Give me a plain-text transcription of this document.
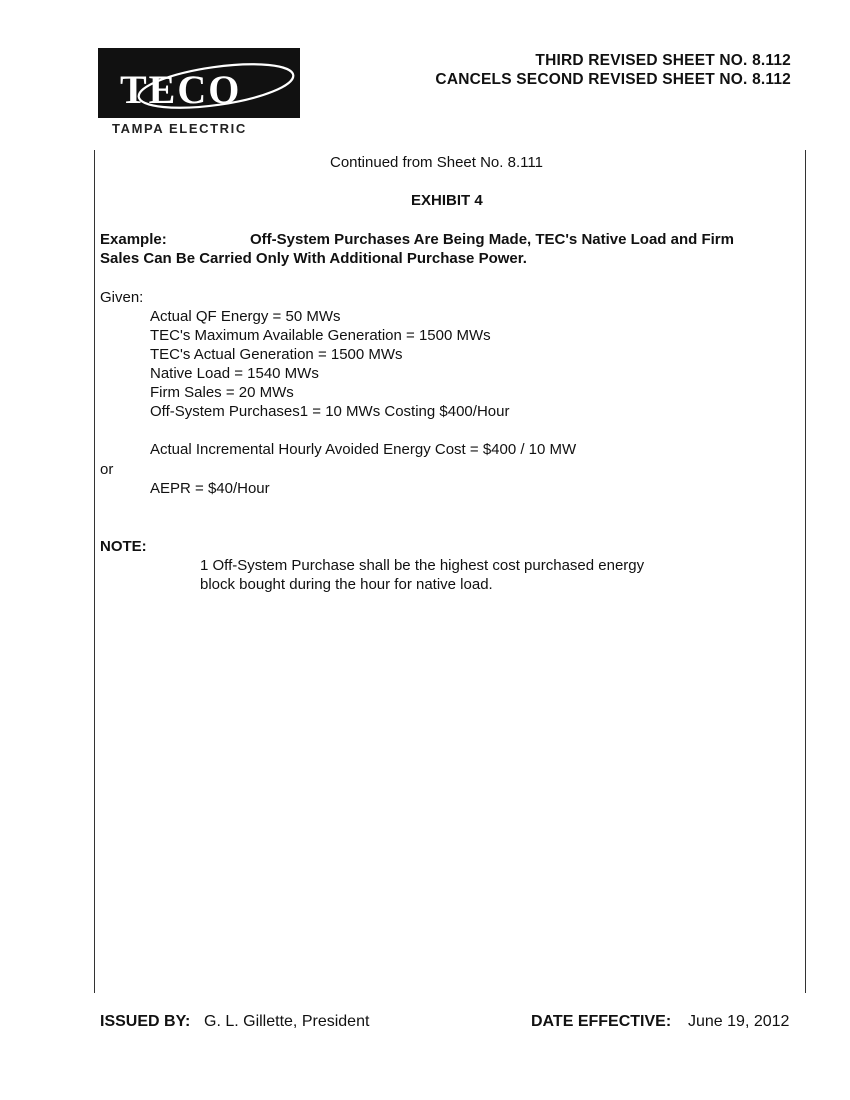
TECO
TAMPA ELECTRIC
THIRD REVISED SHEET NO. 8.112
CANCELS SECOND REVISED SHEET NO. 8.112
Continued from Sheet No. 8.111
EXHIBIT 4
Example:	Off-System Purchases Are Being Made, TEC's Native Load and Firm
Sales Can Be Carried Only With Additional Purchase Power.
Given:
Actual QF Energy = 50 MWs
TEC's Maximum Available Generation = 1500 MWs
TEC's Actual Generation = 1500 MWs
Native Load = 1540 MWs
Firm Sales = 20 MWs
Off-System Purchases1 = 10 MWs Costing $400/Hour
Actual Incremental Hourly Avoided Energy Cost = $400 / 10 MW
or
AEPR = $40/Hour
NOTE:
1 Off-System Purchase shall be the highest cost purchased energy
block bought during the hour for native load.
ISSUED BY: G. L. Gillette, President	DATE EFFECTIVE: June 19, 2012
